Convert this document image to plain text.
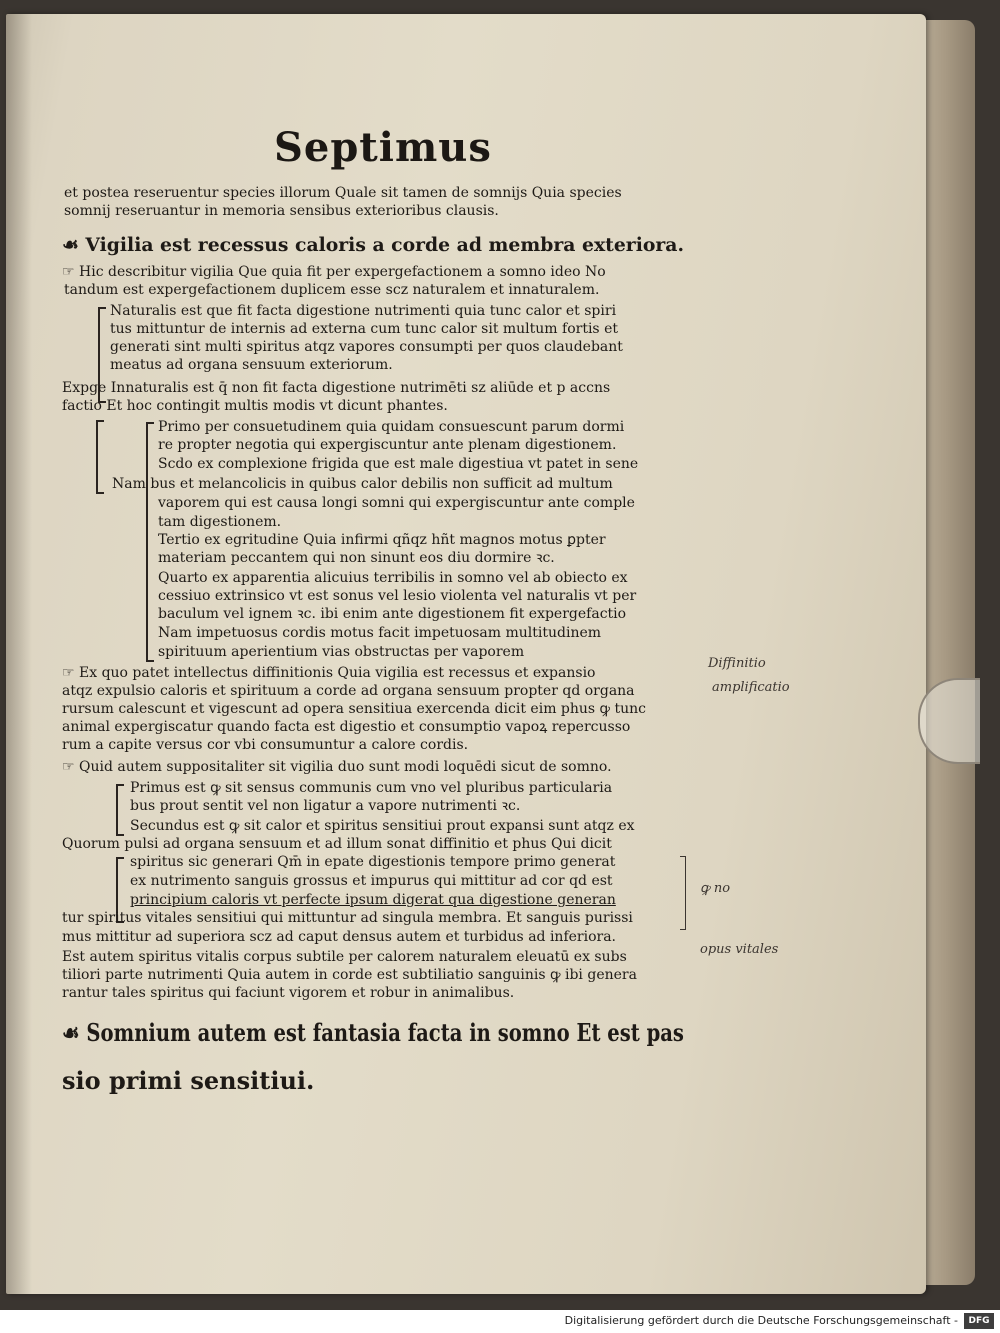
Septimus
et postea reseruentur species illorum Quale sit tamen de somnijs Quia species
somnij reseruantur in memoria sensibus exterioribus clausis.
☙ Vigilia est recessus caloris a corde ad membra exteriora.
☞ Hic describitur vigilia Que quia fit per expergefactionem a somno ideo No
tandum est expergefactionem duplicem esse scz naturalem et innaturalem.
Naturalis est que fit facta digestione nutrimenti quia tunc calor et spiri
tus mittuntur de internis ad externa cum tunc calor sit multum fortis et
generati sint multi spiritus atqz vapores consumpti per quos claudebant
meatus ad organa sensuum exteriorum.
Expge Innaturalis est q̄ non fit facta digestione nutrimēti sz aliūde et p accns
factio Et hoc contingit multis modis vt dicunt phantes.
Primo per consuetudinem quia quidam consuescunt parum dormi
re propter negotia qui expergiscuntur ante plenam digestionem.
Scdo ex complexione frigida que est male digestiua vt patet in sene
Nam bus et melancolicis in quibus calor debilis non sufficit ad multum
vaporem qui est causa longi somni qui expergiscuntur ante comple
tam digestionem.
Tertio ex egritudine Quia infirmi qñqz hñt magnos motus ꝑpter
materiam peccantem qui non sinunt eos diu dormire ꝛc.
Quarto ex apparentia alicuius terribilis in somno vel ab obiecto ex
cessiuo extrinsico vt est sonus vel lesio violenta vel naturalis vt per
baculum vel ignem ꝛc. ibi enim ante digestionem fit expergefactio
Nam impetuosus cordis motus facit impetuosam multitudinem
spirituum aperientium vias obstructas per vaporem
☞ Ex quo patet intellectus diffinitionis Quia vigilia est recessus et expansio
atqz expulsio caloris et spirituum a corde ad organa sensuum propter qd organa
rursum calescunt et vigescunt ad opera sensitiua exercenda dicit eim phus ꝙ tunc
animal expergiscatur quando facta est digestio et consumptio vapoꝝ repercusso
rum a capite versus cor vbi consumuntur a calore cordis.
☞ Quid autem suppositaliter sit vigilia duo sunt modi loquēdi sicut de somno.
Primus est ꝙ sit sensus communis cum vno vel pluribus particularia
bus prout sentit vel non ligatur a vapore nutrimenti ꝛc.
Secundus est ꝙ sit calor et spiritus sensitiui prout expansi sunt atqz ex
Quorum pulsi ad organa sensuum et ad illum sonat diffinitio et phus Qui dicit
spiritus sic generari Qm̄ in epate digestionis tempore primo generat
ex nutrimento sanguis grossus et impurus qui mittitur ad cor qd est
principium caloris vt perfecte ipsum digerat qua digestione generan
tur spiritus vitales sensitiui qui mittuntur ad singula membra. Et sanguis purissi
mus mittitur ad superiora scz ad caput densus autem et turbidus ad inferiora.
Est autem spiritus vitalis corpus subtile per calorem naturalem eleuatū ex subs
tiliori parte nutrimenti Quia autem in corde est subtiliatio sanguinis ꝙ ibi genera
rantur tales spiritus qui faciunt vigorem et robur in animalibus.
☙ Somnium autem est fantasia facta in somno Et est pas
sio primi sensitiui.
Diffinitio
amplificatio
ꝙ no
opus vitales
Digitalisierung gefördert durch die Deutsche Forschungsgemeinschaft -	DFG
